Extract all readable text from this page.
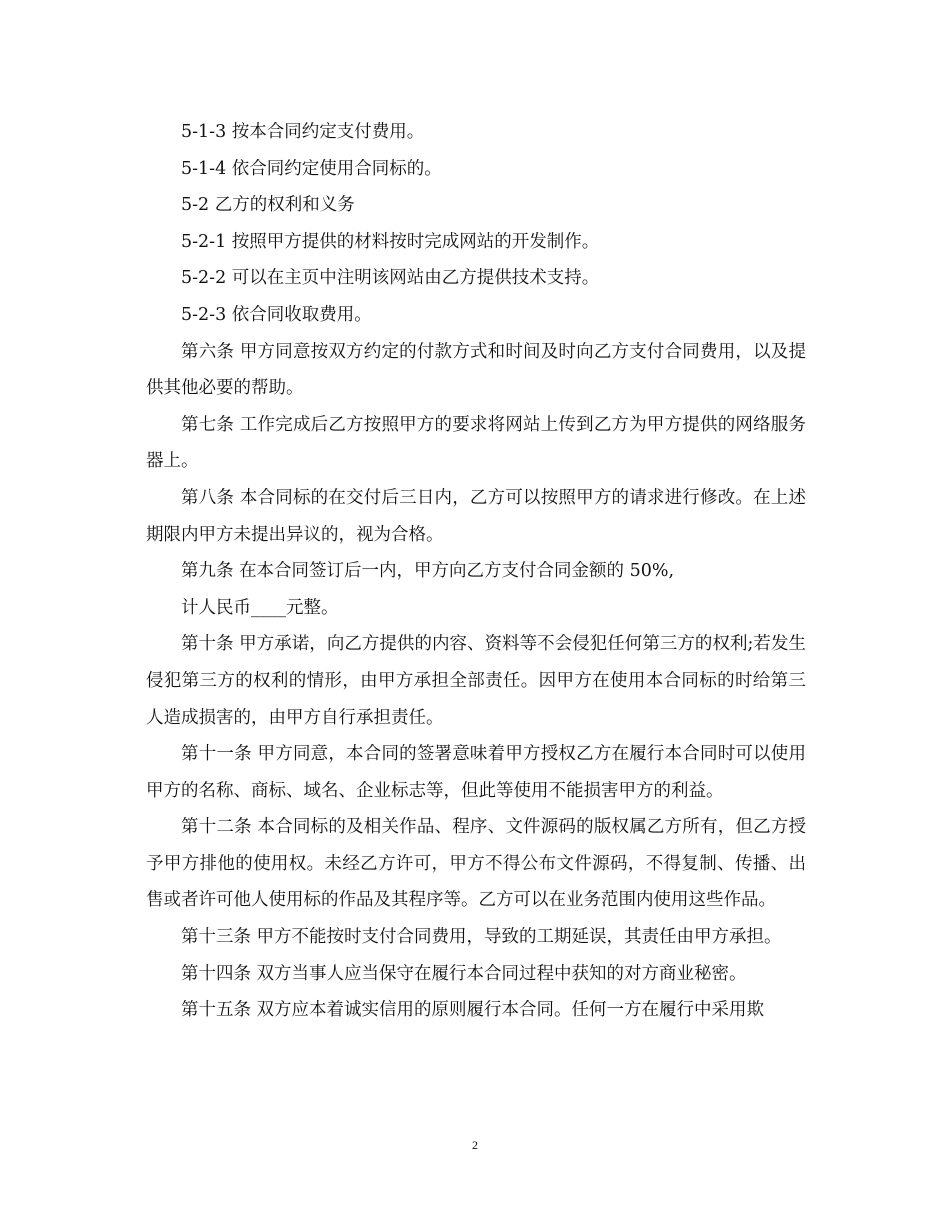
5-1-3 按本合同约定支付费用。

5-1-4 依合同约定使用合同标的。

5-2 乙方的权利和义务

5-2-1 按照甲方提供的材料按时完成网站的开发制作。

5-2-2 可以在主页中注明该网站由乙方提供技术支持。

5-2-3 依合同收取费用。

第六条 甲方同意按双方约定的付款方式和时间及时向乙方支付合同费用，以及提供其他必要的帮助。

第七条 工作完成后乙方按照甲方的要求将网站上传到乙方为甲方提供的网络服务器上。

第八条 本合同标的在交付后三日内，乙方可以按照甲方的请求进行修改。在上述期限内甲方未提出异议的，视为合格。

第九条 在本合同签订后一内，甲方向乙方支付合同金额的 50%,

计人民币____元整。

第十条 甲方承诺，向乙方提供的内容、资料等不会侵犯任何第三方的权利;若发生侵犯第三方的权利的情形，由甲方承担全部责任。因甲方在使用本合同标的时给第三人造成损害的，由甲方自行承担责任。

第十一条 甲方同意，本合同的签署意味着甲方授权乙方在履行本合同时可以使用甲方的名称、商标、域名、企业标志等，但此等使用不能损害甲方的利益。

第十二条 本合同标的及相关作品、程序、文件源码的版权属乙方所有，但乙方授予甲方排他的使用权。未经乙方许可，甲方不得公布文件源码，不得复制、传播、出售或者许可他人使用标的作品及其程序等。乙方可以在业务范围内使用这些作品。

第十三条 甲方不能按时支付合同费用，导致的工期延误，其责任由甲方承担。

第十四条 双方当事人应当保守在履行本合同过程中获知的对方商业秘密。

第十五条 双方应本着诚实信用的原则履行本合同。任何一方在履行中采用欺

2
